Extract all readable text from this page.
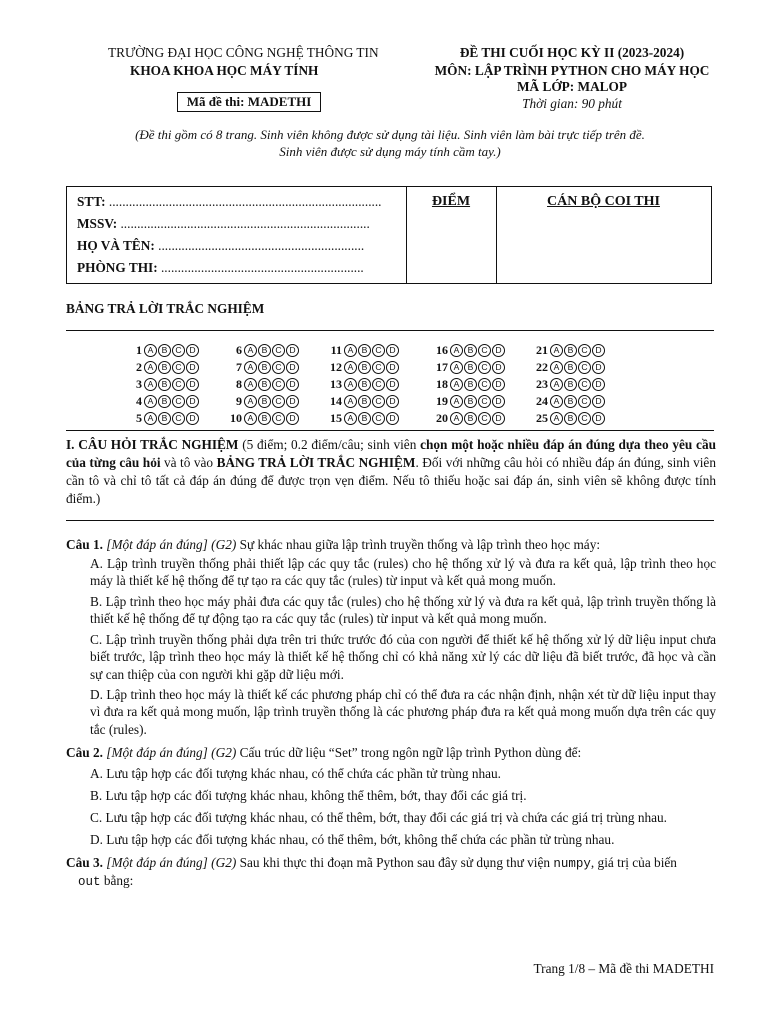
TRƯỜNG ĐẠI HỌC CÔNG NGHỆ THÔNG TIN
KHOA KHOA HỌC MÁY TÍNH
Mã đề thi: MADETHI
ĐỀ THI CUỐI HỌC KỲ II (2023-2024)
MÔN: LẬP TRÌNH PYTHON CHO MÁY HỌC
MÃ LỚP: MALOP
Thời gian: 90 phút
(Đề thi gồm có 8 trang. Sinh viên không được sử dụng tài liệu. Sinh viên làm bài trực tiếp trên đề.
Sinh viên được sử dụng máy tính cầm tay.)
STT: ..................................................................................
MSSV: ...........................................................................
HỌ VÀ TÊN: ..............................................................
PHÒNG THI: .............................................................
ĐIỂM	CÁN BỘ COI THI
BẢNG TRẢ LỜI TRẮC NGHIỆM
1 A B C D
2 A B C D
3 A B C D
4 A B C D
5 A B C D
6 A B C D
7 A B C D
8 A B C D
9 A B C D
10 A B C D
11 A B C D
12 A B C D
13 A B C D
14 A B C D
15 A B C D
16 A B C D
17 A B C D
18 A B C D
19 A B C D
20 A B C D
21 A B C D
22 A B C D
23 A B C D
24 A B C D
25 A B C D
I. CÂU HỎI TRẮC NGHIỆM (5 điểm; 0.2 điểm/câu; sinh viên chọn một hoặc nhiều đáp án đúng dựa theo yêu cầu của từng câu hỏi và tô vào BẢNG TRẢ LỜI TRẮC NGHIỆM. Đối với những câu hỏi có nhiều đáp án đúng, sinh viên cần tô và chỉ tô tất cả đáp án đúng để được trọn vẹn điểm. Nếu tô thiếu hoặc sai đáp án, sinh viên sẽ không được tính điểm.)
Câu 1. [Một đáp án đúng] (G2) Sự khác nhau giữa lập trình truyền thống và lập trình theo học máy:
A. Lập trình truyền thống phải thiết lập các quy tắc (rules) cho hệ thống xử lý và đưa ra kết quả, lập trình theo học máy là thiết kế hệ thống để tự tạo ra các quy tắc (rules) từ input và kết quả mong muốn.
B. Lập trình theo học máy phải đưa các quy tắc (rules) cho hệ thống xử lý và đưa ra kết quả, lập trình truyền thống là thiết kế hệ thống để tự động tạo ra các quy tắc (rules) từ input và kết quả mong muốn.
C. Lập trình truyền thống phải dựa trên tri thức trước đó của con người để thiết kế hệ thống xử lý dữ liệu input chưa biết trước, lập trình theo học máy là thiết kế hệ thống chỉ có khả năng xử lý các dữ liệu đã biết trước, đã học và cần sự can thiệp của con người khi gặp dữ liệu mới.
D. Lập trình theo học máy là thiết kế các phương pháp chỉ có thể đưa ra các nhận định, nhận xét từ dữ liệu input thay vì đưa ra kết quả mong muốn, lập trình truyền thống là các phương pháp đưa ra kết quả mong muốn dựa trên các quy tắc (rules).
Câu 2. [Một đáp án đúng] (G2) Cấu trúc dữ liệu “Set” trong ngôn ngữ lập trình Python dùng để:
A. Lưu tập hợp các đối tượng khác nhau, có thể chứa các phần tử trùng nhau.
B. Lưu tập hợp các đối tượng khác nhau, không thể thêm, bớt, thay đổi các giá trị.
C. Lưu tập hợp các đối tượng khác nhau, có thể thêm, bớt, thay đổi các giá trị và chứa các giá trị trùng nhau.
D. Lưu tập hợp các đối tượng khác nhau, có thể thêm, bớt, không thể chứa các phần tử trùng nhau.
Câu 3. [Một đáp án đúng] (G2) Sau khi thực thi đoạn mã Python sau đây sử dụng thư viện numpy, giá trị của biến
out bằng:
Trang 1/8 – Mã đề thi MADETHI
